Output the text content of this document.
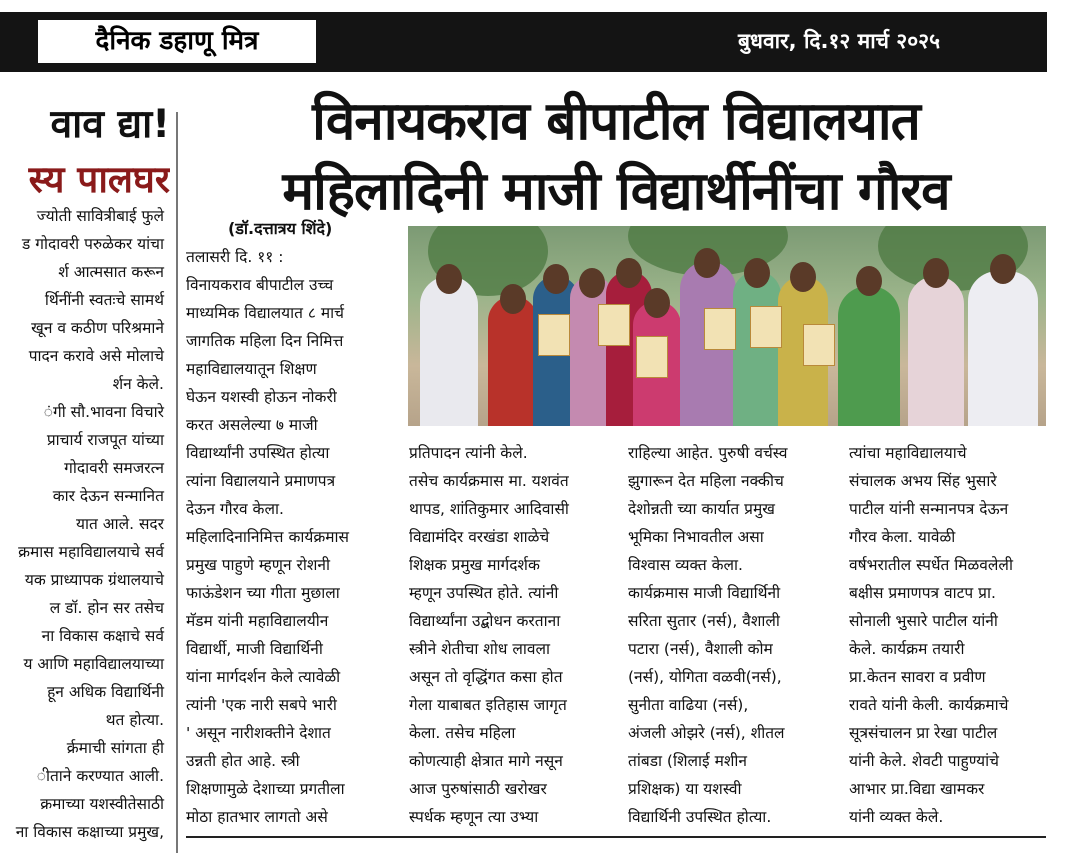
दैनिक डहाणू मित्र	बुधवार, दि.१२ मार्च २०२५
वाव द्या!
स्य पालघर
ज्योती सावित्रीबाई फुले
ड गोदावरी परुळेकर यांचा
र्श आत्मसात करून
र्थिनींनी स्वतःचे सामर्थ
खून व कठीण परिश्रमाने
पादन करावे असे मोलाचे
र्शन केले.
ंगी सौ.भावना विचारे
प्राचार्य राजपूत यांच्या
गोदावरी समजरत्न
कार देऊन सन्मानित
यात आले. सदर
क्रमास महाविद्यालयाचे सर्व
यक प्राध्यापक ग्रंथालयाचे
ल डॉ. होन सर तसेच
ना विकास कक्षाचे सर्व
य आणि महाविद्यालयाच्या
हून अधिक विद्यार्थिनी
थत होत्या.
र्क्रमाची सांगता ही
ीताने करण्यात आली.
क्रमाच्या यशस्वीतेसाठी
ना विकास कक्षाच्या प्रमुख,
विनायकराव बीपाटील विद्यालयात
महिलादिनी माजी विद्यार्थीनींचा गौरव
(डॉ.दत्तात्रय शिंदे)
तलासरी दि. ११ :
विनायकराव बीपाटील उच्च
माध्यमिक विद्यालयात ८ मार्च
जागतिक महिला दिन निमित्त
महाविद्यालयातून शिक्षण
घेऊन यशस्वी होऊन नोकरी
करत असलेल्या ७ माजी
विद्यार्थ्यांनी उपस्थित होत्या
त्यांना विद्यालयाने प्रमाणपत्र
देऊन गौरव केला.
महिलादिनानिमित्त कार्यक्रमास
प्रमुख पाहुणे म्हणून रोशनी
फाऊंडेशन च्या गीता मुछाला
मॅडम यांनी महाविद्यालयीन
विद्यार्थी, माजी विद्यार्थिनी
यांना मार्गदर्शन केले त्यावेळी
त्यांनी 'एक नारी सबपे भारी
' असून नारीशक्तीने देशात
उन्नती होत आहे. स्त्री
शिक्षणामुळे देशाच्या प्रगतीला
मोठा हातभार लागतो असे
प्रतिपादन त्यांनी केले.
तसेच कार्यक्रमास मा. यशवंत
थापड, शांतिकुमार आदिवासी
विद्यामंदिर वरखंडा शाळेचे
शिक्षक प्रमुख मार्गदर्शक
म्हणून उपस्थित होते. त्यांनी
विद्यार्थ्यांना उद्बोधन करताना
स्त्रीने शेतीचा शोध लावला
असून तो वृद्धिंगत कसा होत
गेला याबाबत इतिहास जागृत
केला. तसेच महिला
कोणत्याही क्षेत्रात मागे नसून
आज पुरुषांसाठी खरोखर
स्पर्धक म्हणून त्या उभ्या
राहिल्या आहेत. पुरुषी वर्चस्व
झुगारून देत महिला नक्कीच
देशोन्नती च्या कार्यात प्रमुख
भूमिका निभावतील असा
विश्वास व्यक्त केला.
कार्यक्रमास माजी विद्यार्थिनी
सरिता सुतार (नर्स), वैशाली
पटारा (नर्स), वैशाली कोम
(नर्स), योगिता वळवी(नर्स),
सुनीता वाढिया (नर्स),
अंजली ओझरे (नर्स), शीतल
तांबडा (शिलाई मशीन
प्रशिक्षक) या यशस्वी
विद्यार्थिनी उपस्थित होत्या.
त्यांचा महाविद्यालयाचे
संचालक अभय सिंह भुसारे
पाटील यांनी सन्मानपत्र देऊन
गौरव केला. यावेळी
वर्षभरातील स्पर्धेत मिळवलेली
बक्षीस प्रमाणपत्र वाटप प्रा.
सोनाली भुसारे पाटील यांनी
केले. कार्यक्रम तयारी
प्रा.केतन सावरा व प्रवीण
रावते यांनी केली. कार्यक्रमाचे
सूत्रसंचालन प्रा रेखा पाटील
यांनी केले. शेवटी पाहुण्यांचे
आभार प्रा.विद्या खामकर
यांनी व्यक्त केले.
